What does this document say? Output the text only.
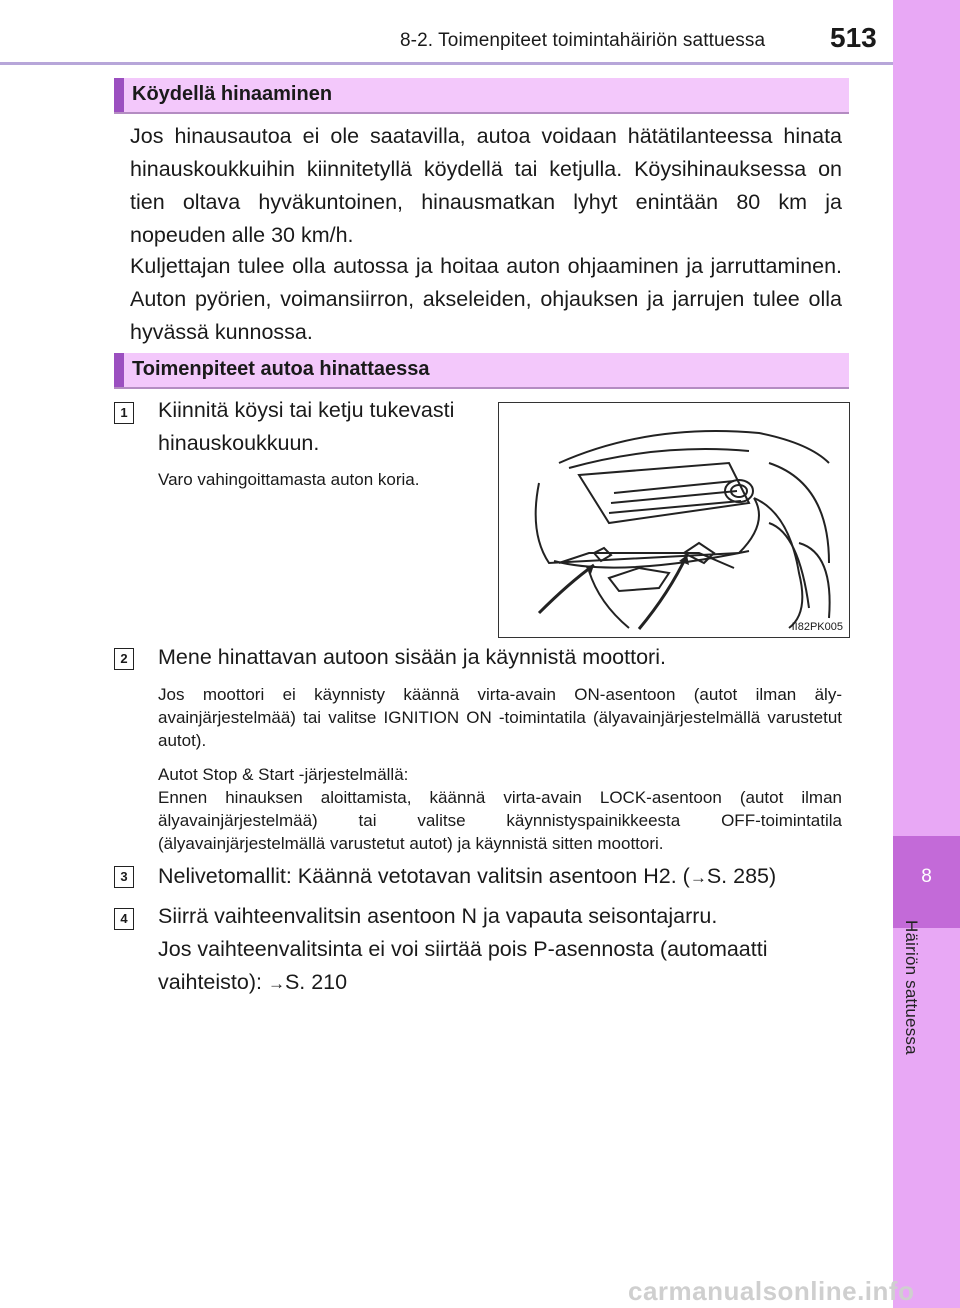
8-2. Toimenpiteet toimintahäiriön sattuessa 513
8
Häiriön sattuessa
Köydellä hinaaminen

Jos hinausautoa ei ole saatavilla, autoa voidaan hätätilanteessa hinata hinauskoukkuihin kiinnitetyllä köydellä tai ketjulla. Köysihinauksessa on tien oltava hyväkuntoinen, hinausmatkan lyhyt enintään 80 km ja nopeuden alle 30 km/h.

Kuljettajan tulee olla autossa ja hoitaa auton ohjaaminen ja jarruttaminen. Auton pyörien, voimansiirron, akseleiden, ohjauksen ja jarrujen tulee olla hyvässä kunnossa.

Toimenpiteet autoa hinattaessa
1 Kiinnitä köysi tai ketju tukevasti

hinauskoukkuun.

Varo vahingoittamasta auton koria.

II82PK005
2 Mene hinattavan autoon sisään ja käynnistä moottori.

Jos moottori ei käynnisty käännä virta-avain ON-asentoon (autot ilman älyavainjärjestelmää) tai valitse IGNITION ON -toimintatila (älyavainjärjestelmällä varustetut autot).

Autot Stop & Start -järjestelmällä:

Ennen hinauksen aloittamista, käännä virta-avain LOCK-asentoon (autot ilman älyavainjärjestelmää) tai valitse käynnistyspainikkeesta OFF-toimintatila (älyavainjärjestelmällä varustetut autot) ja käynnistä sitten moottori.

3 Nelivetomallit: Käännä vetotavan valitsin asentoon H2. (→S. 285)

4 Siirrä vaihteenvalitsin asentoon N ja vapauta seisontajarru.

Jos vaihteenvalitsinta ei voi siirtää pois P-asennosta (automaatti

vaihteisto): →S. 210

carmanualsonline.info
